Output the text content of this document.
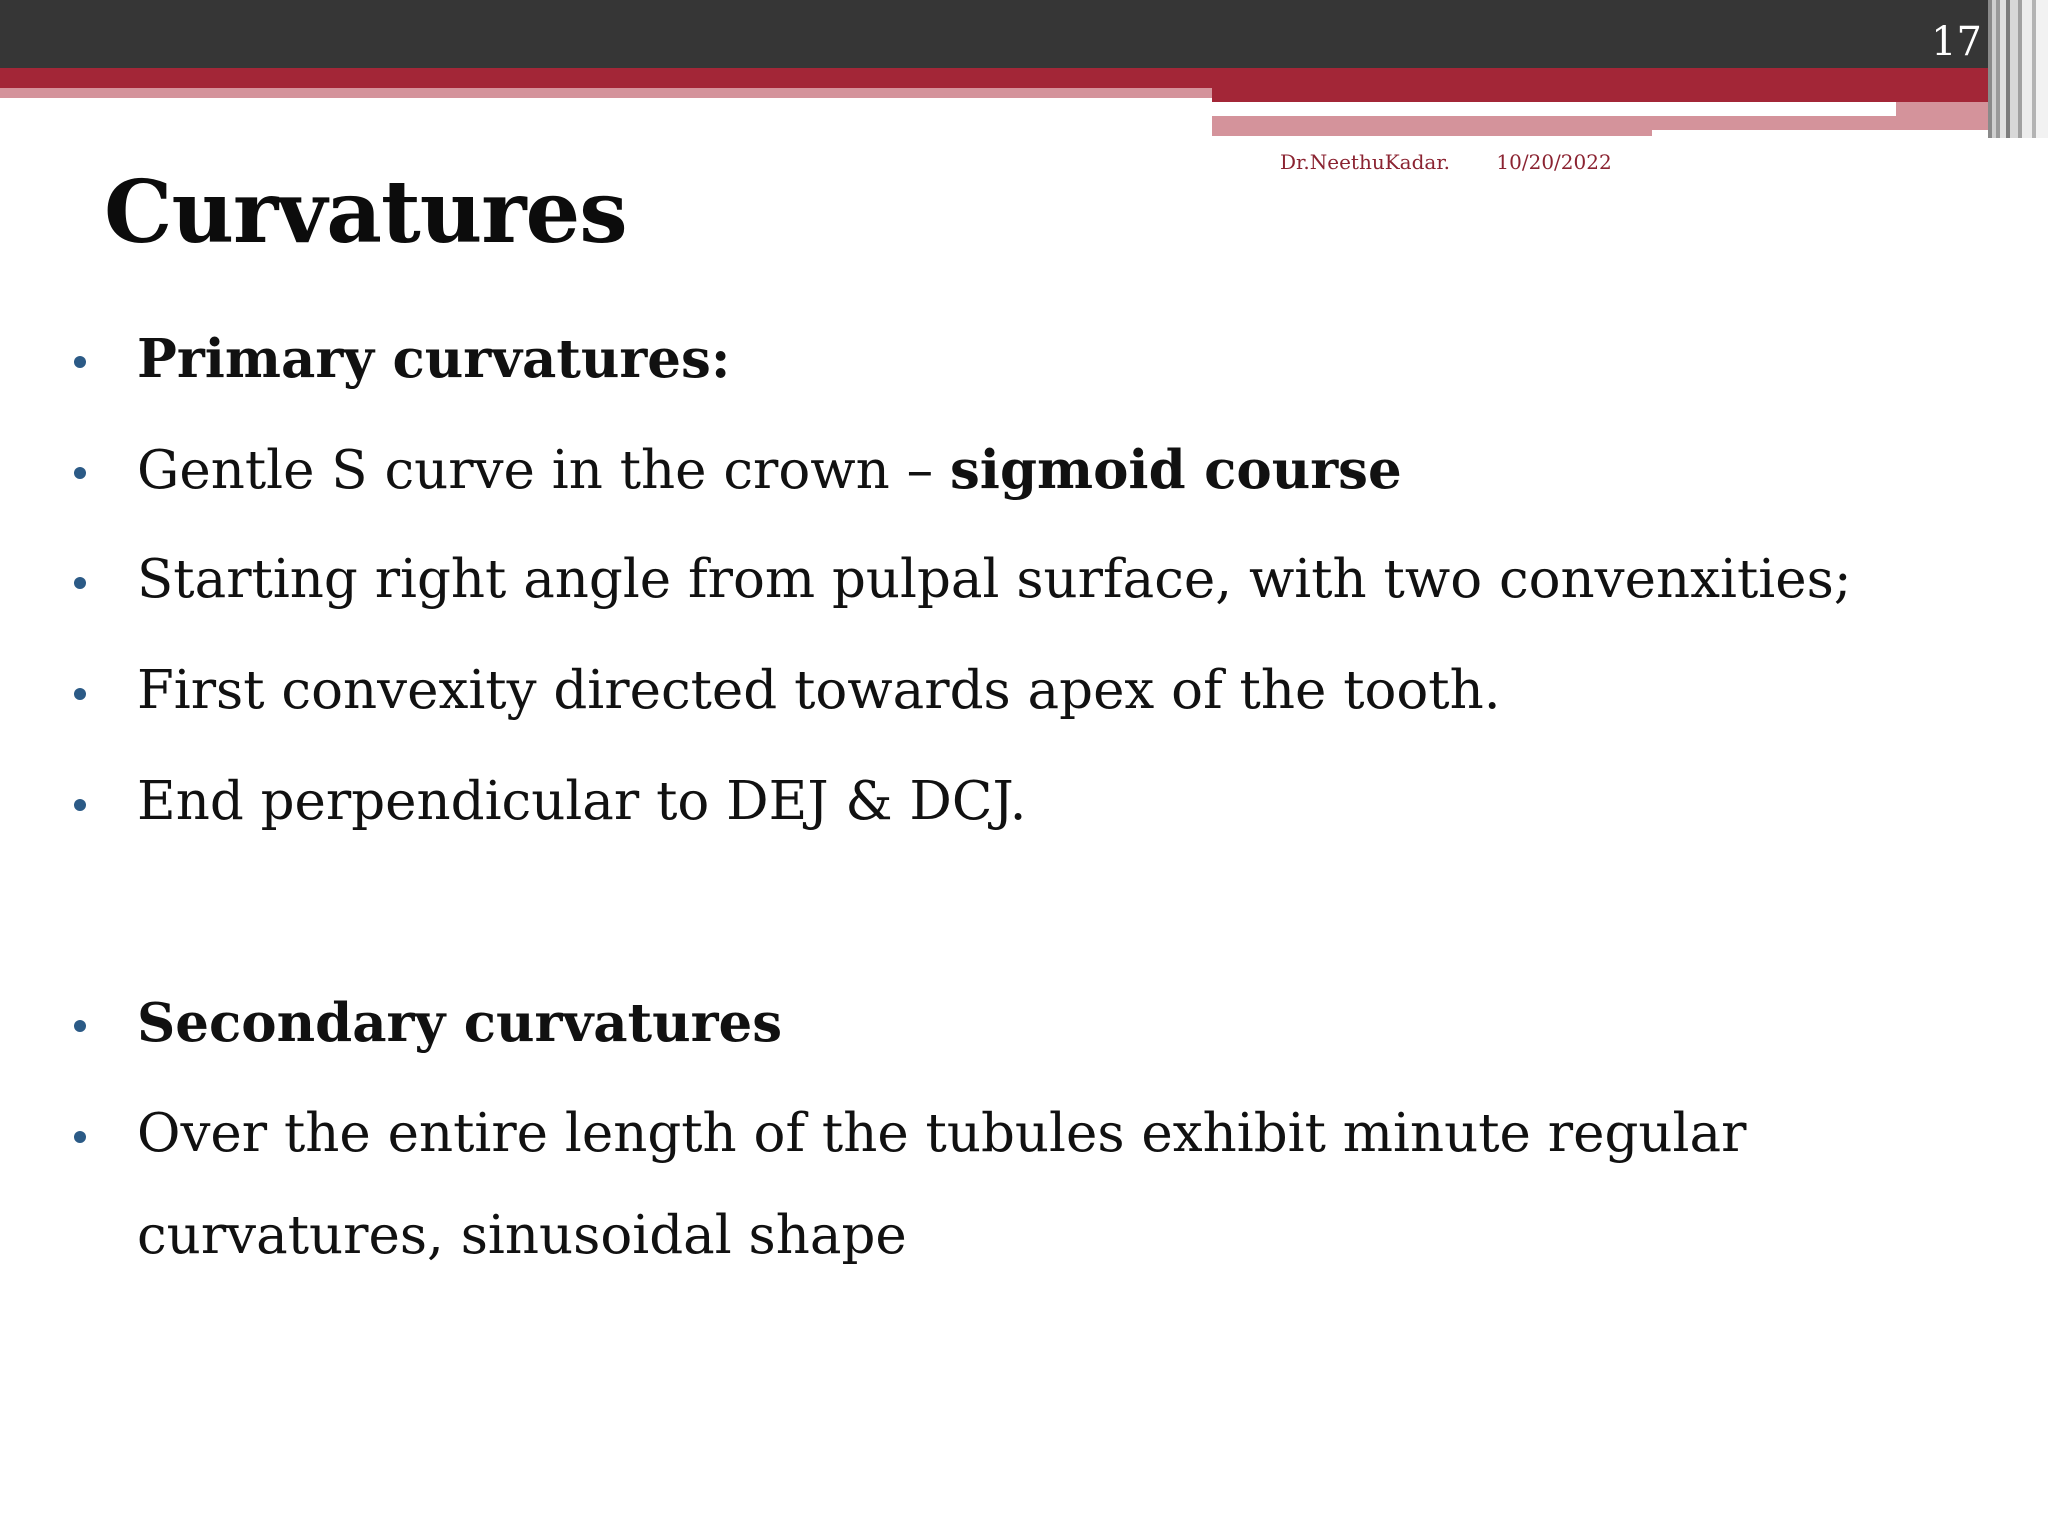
17
Dr.NeethuKadar. 10/20/2022
Curvatures
Primary curvatures:
Gentle S curve in the crown – sigmoid course
Starting right angle from pulpal surface, with two convenxities;
First convexity directed towards apex of the tooth.
End perpendicular to DEJ & DCJ.
Secondary curvatures
Over the entire length of the tubules exhibit minute regular
curvatures, sinusoidal shape
